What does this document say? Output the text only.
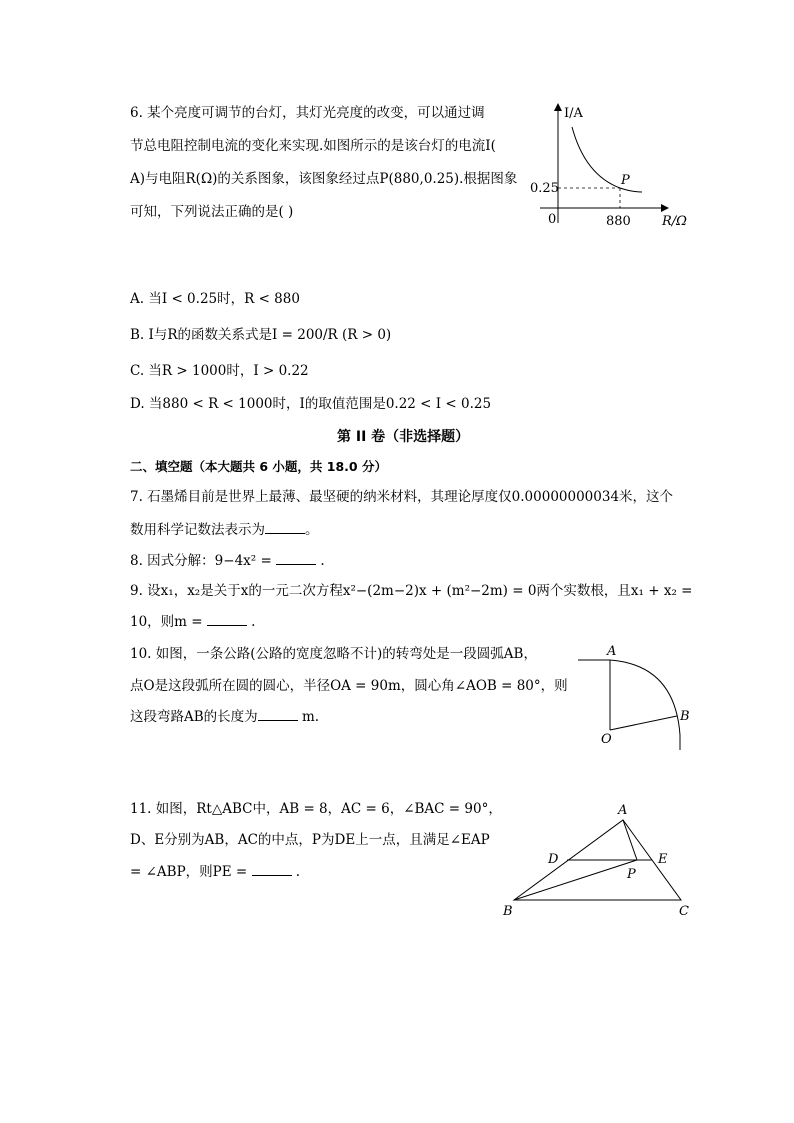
6. 某个亮度可调节的台灯，其灯光亮度的改变，可以通过调
节总电阻控制电流的变化来实现.如图所示的是该台灯的电流I(
A)与电阻R(Ω)的关系图象，该图象经过点P(880,0.25).根据图象
可知，下列说法正确的是( )
I/A
R/Ω
0
0.25
880
P
A. 当I < 0.25时，R < 880
B. I与R的函数关系式是I = 200/R (R > 0)
C. 当R > 1000时，I > 0.22
D. 当880 < R < 1000时，I的取值范围是0.22 < I < 0.25
第 II 卷（非选择题）
二、填空题（本大题共 6 小题，共 18.0 分）
7. 石墨烯目前是世界上最薄、最坚硬的纳米材料，其理论厚度仅0.00000000034米，这个
数用科学记数法表示为	。
8. 因式分解：9−4x² =	.
9. 设x₁，x₂是关于x的一元二次方程x²−(2m−2)x + (m²−2m) = 0两个实数根，且x₁ + x₂ =
10，则m =	.
10. 如图，一条公路(公路的宽度忽略不计)的转弯处是一段圆弧AB，
点O是这段弧所在圆的圆心，半径OA = 90m，圆心角∠AOB = 80°，则
这段弯路AB的长度为	m.
A
B
O
11. 如图，Rt△ABC中，AB = 8，AC = 6，∠BAC = 90°，
D、E分别为AB，AC的中点，P为DE上一点，且满足∠EAP
= ∠ABP，则PE =	.
A
B	C
D	E
P
